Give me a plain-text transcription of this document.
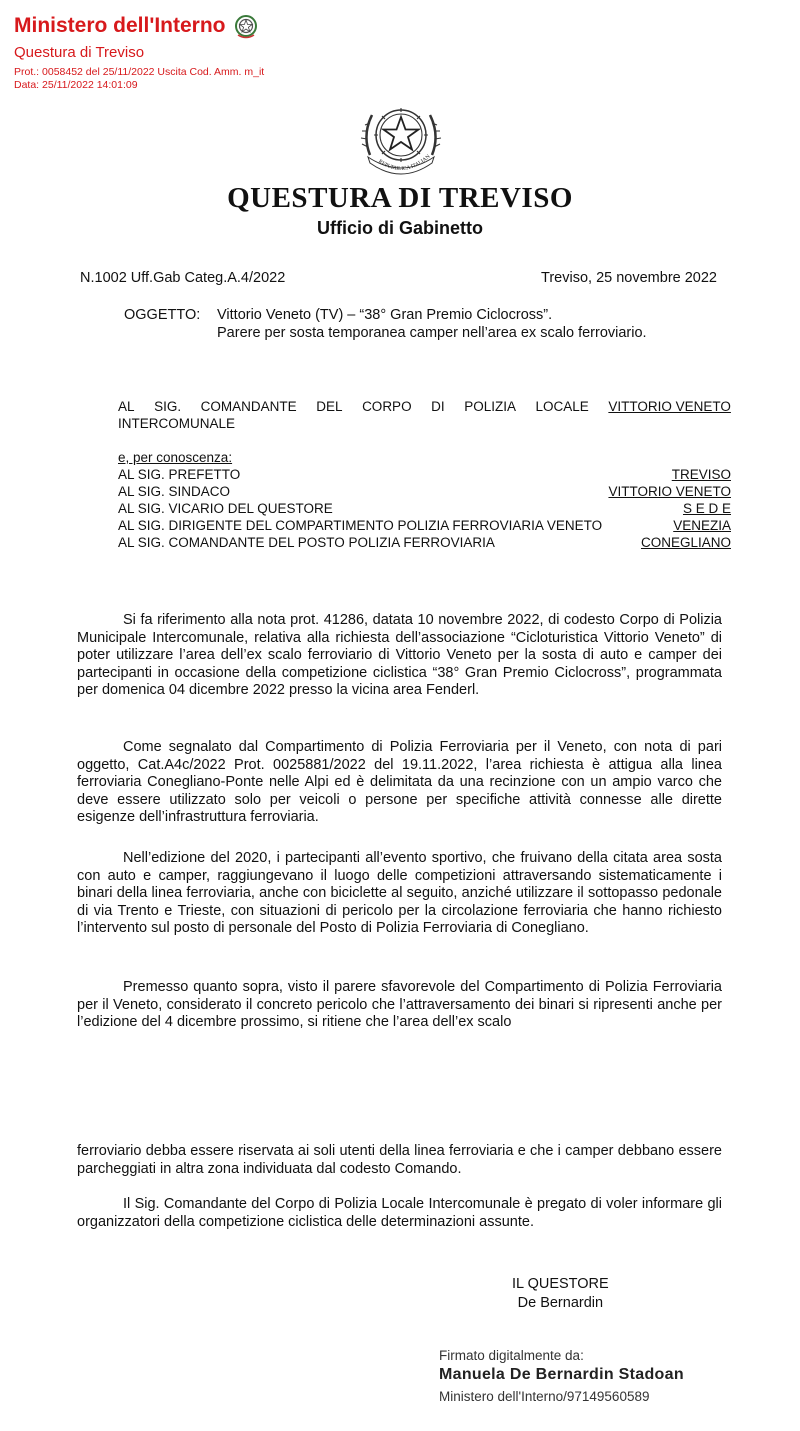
Ministero dell'Interno
Questura di Treviso
Prot.: 0058452 del 25/11/2022 Uscita Cod. Amm. m_it
Data: 25/11/2022 14:01:09
REPUBBLICA ITALIAN
QUESTURA DI TREVISO
Ufficio di Gabinetto
N.1002 Uff.Gab Categ.A.4/2022	Treviso, 25 novembre 2022
OGGETTO: Vittorio Veneto (TV) – “38° Gran Premio Ciclocross”.
Parere per sosta temporanea camper nell’area ex scalo ferroviario.
AL SIG. COMANDANTE DEL CORPO DI POLIZIA LOCALE VITTORIO VENETO
INTERCOMUNALE
e, per conoscenza:
AL SIG. PREFETTO	TREVISO
AL SIG. SINDACO	VITTORIO VENETO
AL SIG. VICARIO DEL QUESTORE	S E D E
AL SIG. DIRIGENTE DEL COMPARTIMENTO POLIZIA FERROVIARIA VENETO	VENEZIA
AL SIG. COMANDANTE DEL POSTO POLIZIA FERROVIARIA	CONEGLIANO
Si fa riferimento alla nota prot. 41286, datata 10 novembre 2022, di codesto Corpo di Polizia Municipale Intercomunale, relativa alla richiesta dell’associazione “Cicloturistica Vittorio Veneto” di poter utilizzare l’area dell’ex scalo ferroviario di Vittorio Veneto per la sosta di auto e camper dei partecipanti in occasione della competizione ciclistica “38° Gran Premio Ciclocross”, programmata per domenica 04 dicembre 2022 presso la vicina area Fenderl.
Come segnalato dal Compartimento di Polizia Ferroviaria per il Veneto, con nota di pari oggetto, Cat.A4c/2022 Prot. 0025881/2022 del 19.11.2022, l’area richiesta è attigua alla linea ferroviaria Conegliano-Ponte nelle Alpi ed è delimitata da una recinzione con un ampio varco che deve essere utilizzato solo per veicoli o persone per specifiche attività connesse alle dirette esigenze dell’infrastruttura ferroviaria.
Nell’edizione del 2020, i partecipanti all’evento sportivo, che fruivano della citata area sosta con auto e camper, raggiungevano il luogo delle competizioni attraversando sistematicamente i binari della linea ferroviaria, anche con biciclette al seguito, anziché utilizzare il sottopasso pedonale di via Trento e Trieste, con situazioni di pericolo per la circolazione ferroviaria che hanno richiesto l’intervento sul posto di personale del Posto di Polizia Ferroviaria di Conegliano.
Premesso quanto sopra, visto il parere sfavorevole del Compartimento di Polizia Ferroviaria per il Veneto, considerato il concreto pericolo che l’attraversamento dei binari si ripresenti anche per l’edizione del 4 dicembre prossimo, si ritiene che l’area dell’ex scalo
ferroviario debba essere riservata ai soli utenti della linea ferroviaria e che i camper debbano essere parcheggiati in altra zona individuata dal codesto Comando.
Il Sig. Comandante del Corpo di Polizia Locale Intercomunale è pregato di voler informare gli organizzatori della competizione ciclistica delle determinazioni assunte.
IL QUESTORE
De Bernardin
Firmato digitalmente da:
Manuela De Bernardin Stadoan
Ministero dell'Interno/97149560589
